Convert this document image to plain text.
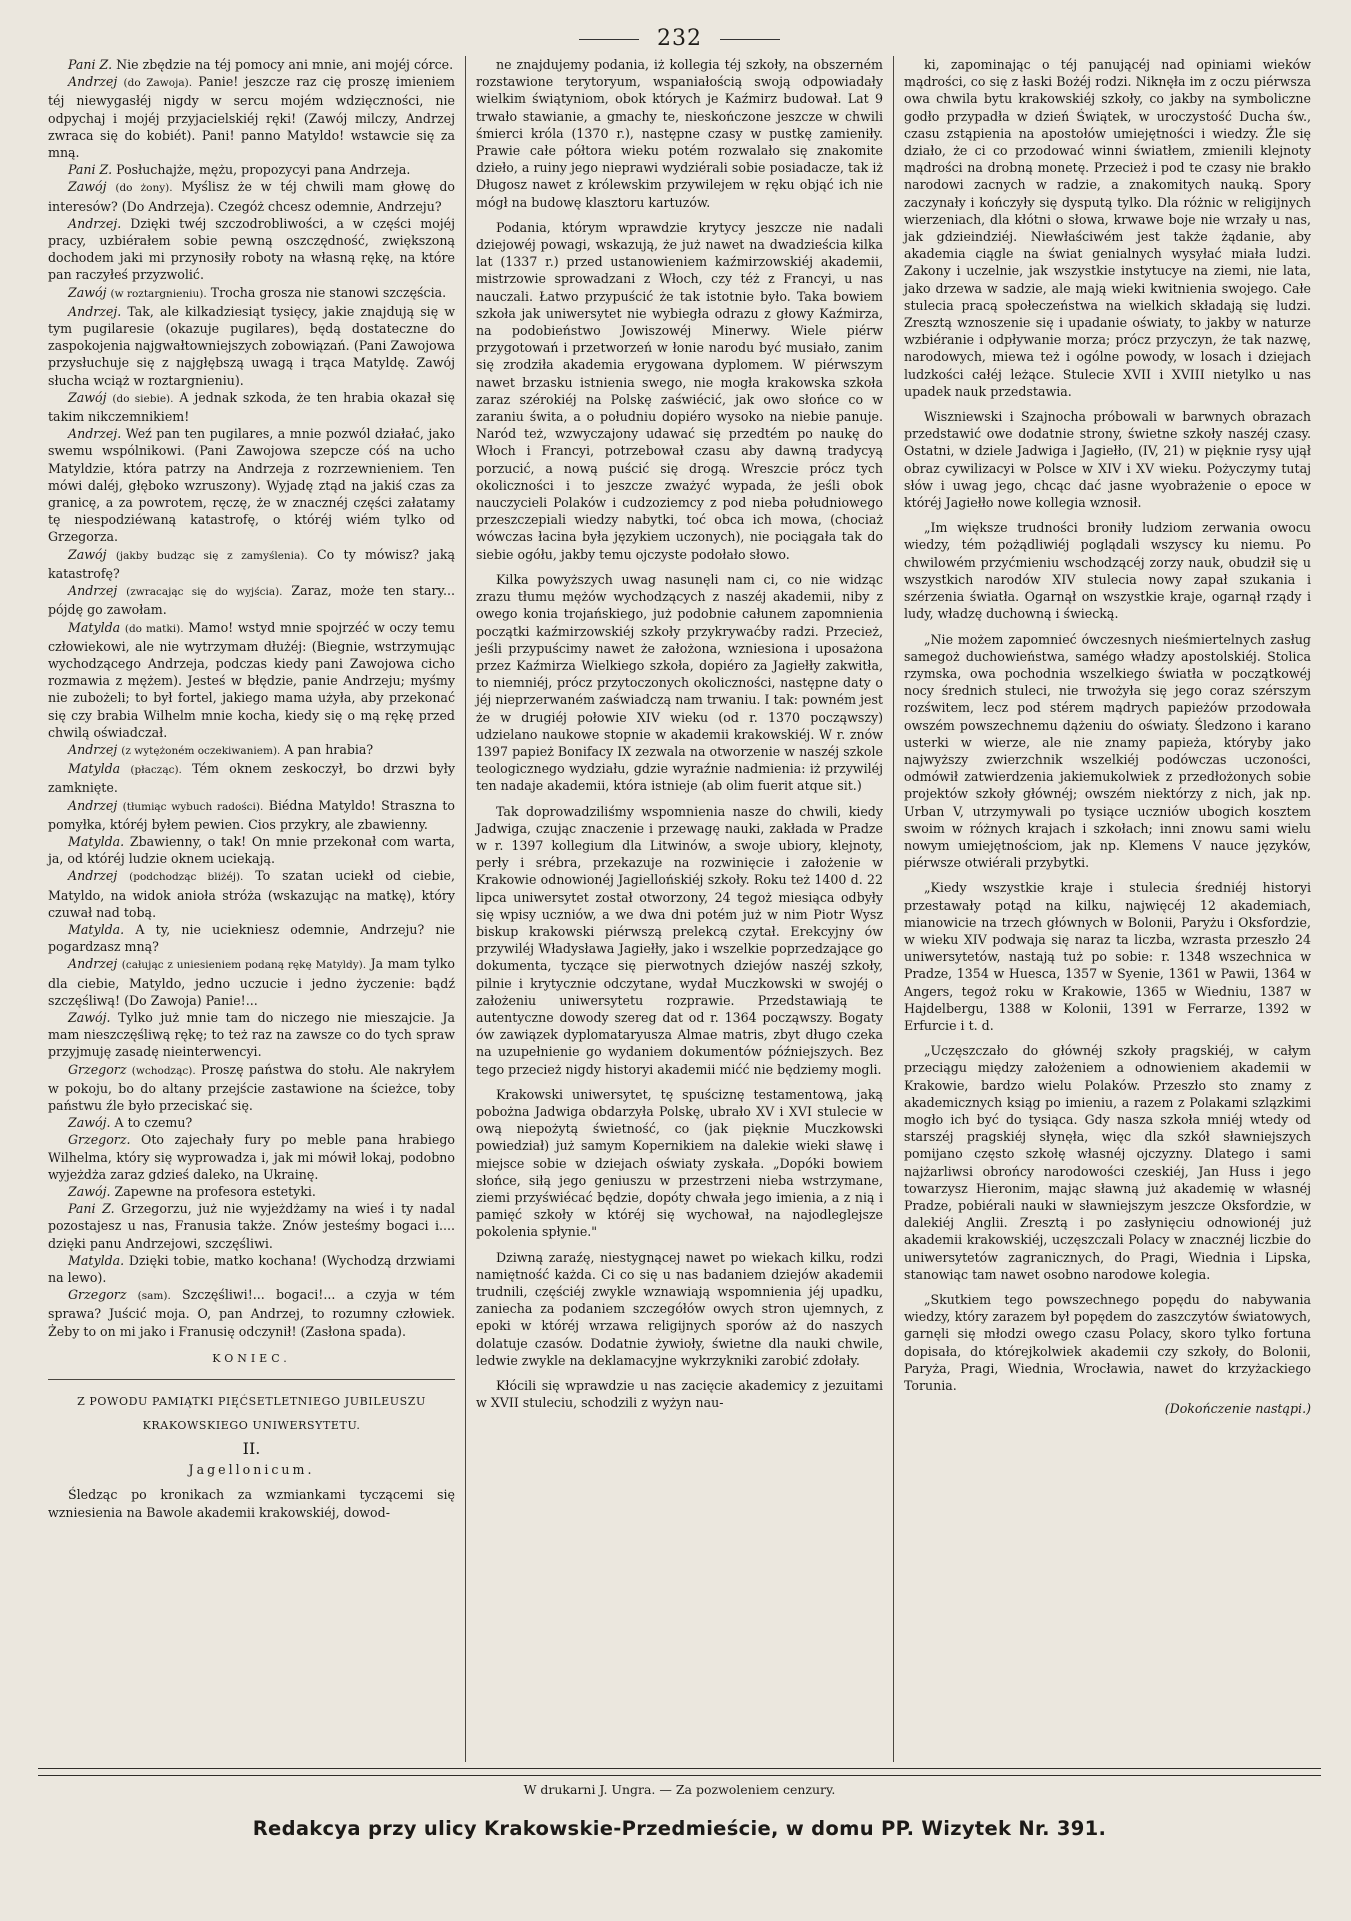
232

Pani Z. Nie zbędzie na téj pomocy ani mnie, ani mojéj córce.

Andrzej (do Zawoja). Panie! jeszcze raz cię proszę imieniem téj niewygasłéj nigdy w sercu mojém wdzięczności, nie odpychaj i mojéj przyjacielskiéj ręki! (Zawój milczy, Andrzej zwraca się do kobiét). Pani! panno Matyldo! wstawcie się za mną.

Pani Z. Posłuchajże, mężu, propozycyi pana Andrzeja.

Zawój (do żony). Myślisz że w téj chwili mam głowę do interesów? (Do Andrzeja). Czegóż chcesz odemnie, Andrzeju?

Andrzej. Dzięki twéj szczodrobliwości, a w części mojéj pracy, uzbiérałem sobie pewną oszczędność, zwiększoną dochodem jaki mi przynosiły roboty na własną rękę, na które pan raczyłeś przyzwolić.

Zawój (w roztargnieniu). Trocha grosza nie stanowi szczęścia.

Andrzej. Tak, ale kilkadziesiąt tysięcy, jakie znajdują się w tym pugilaresie (okazuje pugilares), będą dostateczne do zaspokojenia najgwałtowniejszych zobowiązań. (Pani Zawojowa przysłuchuje się z najgłębszą uwagą i trąca Matyldę. Zawój słucha wciąż w roztargnieniu).

Zawój (do siebie). A jednak szkoda, że ten hrabia okazał się takim nikczemnikiem!

Andrzej. Weź pan ten pugilares, a mnie pozwól działać, jako swemu wspólnikowi. (Pani Zawojowa szepcze cóś na ucho Matyldzie, która patrzy na Andrzeja z rozrzewnieniem. Ten mówi daléj, głęboko wzruszony). Wyjadę ztąd na jakiś czas za granicę, a za powrotem, ręczę, że w znacznéj części załatamy tę niespodziéwaną katastrofę, o któréj wiém tylko od Grzegorza.

Zawój (jakby budząc się z zamyślenia). Co ty mówisz? jaką katastrofę?

Andrzej (zwracając się do wyjścia). Zaraz, może ten stary... pójdę go zawołam.

Matylda (do matki). Mamo! wstyd mnie spojrzéć w oczy temu człowiekowi, ale nie wytrzymam dłużéj: (Biegnie, wstrzymując wychodzącego Andrzeja, podczas kiedy pani Zawojowa cicho rozmawia z mężem). Jesteś w błędzie, panie Andrzeju; myśmy nie zubożeli; to był fortel, jakiego mama użyła, aby przekonać się czy brabia Wilhelm mnie kocha, kiedy się o mą rękę przed chwilą oświadczał.

Andrzej (z wytężoném oczekiwaniem). A pan hrabia?

Matylda (płacząc). Tém oknem zeskoczył, bo drzwi były zamknięte.

Andrzej (tłumiąc wybuch radości). Biédna Matyldo! Straszna to pomyłka, któréj byłem pewien. Cios przykry, ale zbawienny.

Matylda. Zbawienny, o tak! On mnie przekonał com warta, ja, od któréj ludzie oknem uciekają.

Andrzej (podchodząc bliżéj). To szatan uciekł od ciebie, Matyldo, na widok anioła stróża (wskazując na matkę), który czuwał nad tobą.

Matylda. A ty, nie uciekniesz odemnie, Andrzeju? nie pogardzasz mną?

Andrzej (całując z uniesieniem podaną rękę Matyldy). Ja mam tylko dla ciebie, Matyldo, jedno uczucie i jedno życzenie: bądź szczęśliwą! (Do Zawoja) Panie!...

Zawój. Tylko już mnie tam do niczego nie mieszajcie. Ja mam nieszczęśliwą rękę; to też raz na zawsze co do tych spraw przyjmuję zasadę nieinterwencyi.

Grzegorz (wchodząc). Proszę państwa do stołu. Ale nakryłem w pokoju, bo do altany przejście zastawione na ścieżce, toby państwu źle było przeciskać się.

Zawój. A to czemu?

Grzegorz. Oto zajechały fury po meble pana hrabiego Wilhelma, który się wyprowadza i, jak mi mówił lokaj, podobno wyjeżdża zaraz gdzieś daleko, na Ukrainę.

Zawój. Zapewne na profesora estetyki.

Pani Z. Grzegorzu, już nie wyjeżdżamy na wieś i ty nadal pozostajesz u nas, Franusia także. Znów jesteśmy bogaci i.... dzięki panu Andrzejowi, szczęśliwi.

Matylda. Dzięki tobie, matko kochana! (Wychodzą drzwiami na lewo).

Grzegorz (sam). Szczęśliwi!... bogaci!... a czyja w tém sprawa? Juścić moja. O, pan Andrzej, to rozumny człowiek. Żeby to on mi jako i Franusię odczynił! (Zasłona spada).

KONIEC.

Z POWODU PAMIĄTKI PIĘĆSETLETNIEGO JUBILEUSZU

KRAKOWSKIEGO UNIWERSYTETU.

II.

Jagellonicum.

Śledząc po kronikach za wzmiankami tyczącemi się wzniesienia na Bawole akademii krakowskiéj, dowod-

ne znajdujemy podania, iż kollegia téj szkoły, na obszerném rozstawione terytoryum, wspaniałością swoją odpowiadały wielkim świątyniom, obok których je Kaźmirz budował. Lat 9 trwało stawianie, a gmachy te, nieskończone jeszcze w chwili śmierci króla (1370 r.), następne czasy w pustkę zamieniły. Prawie całe półtora wieku potém rozwalało się znakomite dzieło, a ruiny jego nieprawi wydziérali sobie posiadacze, tak iż Długosz nawet z królewskim przywilejem w ręku objąć ich nie mógł na budowę klasztoru kartuzów.

Podania, którym wprawdzie krytycy jeszcze nie nadali dziejowéj powagi, wskazują, że już nawet na dwadzieścia kilka lat (1337 r.) przed ustanowieniem kaźmirzowskiéj akademii, mistrzowie sprowadzani z Włoch, czy téż z Francyi, u nas nauczali. Łatwo przypuścić że tak istotnie było. Taka bowiem szkoła jak uniwersytet nie wybiegła odrazu z głowy Kaźmirza, na podobieństwo Jowiszowéj Minerwy. Wiele piérw przygotowań i przetworzeń w łonie narodu być musiało, zanim się zrodziła akademia erygowana dyplomem. W piérwszym nawet brzasku istnienia swego, nie mogła krakowska szkoła zaraz szérokiéj na Polskę zaświécić, jak owo słońce co w zaraniu świta, a o południu dopiéro wysoko na niebie panuje. Naród też, wzwyczajony udawać się przedtém po naukę do Włoch i Francyi, potrzebował czasu aby dawną tradycyą porzucić, a nową puścić się drogą. Wreszcie prócz tych okoliczności i to jeszcze zważyć wypada, że jeśli obok nauczycieli Polaków i cudzoziemcy z pod nieba południowego przeszczepiali wiedzy nabytki, toć obca ich mowa, (chociaż wówczas łacina była językiem uczonych), nie pociągała tak do siebie ogółu, jakby temu ojczyste podołało słowo.

Kilka powyższych uwag nasunęli nam ci, co nie widząc zrazu tłumu mężów wychodzących z naszéj akademii, niby z owego konia trojańskiego, już podobnie całunem zapomnienia początki kaźmirzowskiéj szkoły przykrywaćby radzi. Przecież, jeśli przypuścimy nawet że założona, wzniesiona i uposażona przez Kaźmirza Wielkiego szkoła, dopiéro za Jagiełły zakwitła, to niemniéj, prócz przytoczonych okoliczności, następne daty o jéj nieprzerwaném zaświadczą nam trwaniu. I tak: powném jest że w drugiéj połowie XIV wieku (od r. 1370 począwszy) udzielano naukowe stopnie w akademii krakowskiéj. W r. znów 1397 papież Bonifacy IX zezwala na otworzenie w naszéj szkole teologicznego wydziału, gdzie wyraźnie nadmienia: iż przywiléj ten nadaje akademii, która istnieje (ab olim fuerit atque sit.)

Tak doprowadziliśmy wspomnienia nasze do chwili, kiedy Jadwiga, czując znaczenie i przewagę nauki, zakłada w Pradze w r. 1397 kollegium dla Litwinów, a swoje ubiory, klejnoty, perły i srébra, przekazuje na rozwinięcie i założenie w Krakowie odnowionéj Jagiellońskiéj szkoły. Roku też 1400 d. 22 lipca uniwersytet został otworzony, 24 tegoż miesiąca odbyły się wpisy uczniów, a we dwa dni potém już w nim Piotr Wysz biskup krakowski piérwszą prelekcą czytał. Erekcyjny ów przywiléj Władysława Jagiełły, jako i wszelkie poprzedzające go dokumenta, tyczące się pierwotnych dziejów naszéj szkoły, pilnie i krytycznie odczytane, wydał Muczkowski w swojéj o założeniu uniwersytetu rozprawie. Przedstawiają te autentyczne dowody szereg dat od r. 1364 począwszy. Bogaty ów zawiązek dyplomataryusza Almae matris, zbyt długo czeka na uzupełnienie go wydaniem dokumentów późniejszych. Bez tego przecież nigdy historyi akademii mićć nie będziemy mogli.

Krakowski uniwersytet, tę spuściznę testamentową, jaką pobożna Jadwiga obdarzyła Polskę, ubrało XV i XVI stulecie w ową niepożytą świetność, co (jak pięknie Muczkowski powiedział) już samym Kopernikiem na dalekie wieki sławę i miejsce sobie w dziejach oświaty zyskała. „Dopóki bowiem słońce, siłą jego geniuszu w przestrzeni nieba wstrzymane, ziemi przyświécać będzie, dopóty chwała jego imienia, a z nią i pamięć szkoły w któréj się wychował, na najodleglejsze pokolenia spłynie."

Dziwną zaraźę, niestygnącej nawet po wiekach kilku, rodzi namiętność każda. Ci co się u nas badaniem dziejów akademii trudnili, częściéj zwykle wznawiają wspomnienia jéj upadku, zaniecha za podaniem szczegółów owych stron ujemnych, z epoki w któréj wrzawa religijnych sporów aż do naszych dolatuje czasów. Dodatnie żywioły, świetne dla nauki chwile, ledwie zwykle na deklamacyjne wykrzykniki zarobić zdołały.

Kłócili się wprawdzie u nas zacięcie akademicy z jezuitami w XVII stuleciu, schodzili z wyżyn nau-

ki, zapominając o téj panującéj nad opiniami wieków mądrości, co się z łaski Bożéj rodzi. Niknęła im z oczu piérwsza owa chwila bytu krakowskiéj szkoły, co jakby na symboliczne godło przypadła w dzień Świątek, w uroczystość Ducha św., czasu zstąpienia na apostołów umiejętności i wiedzy. Źle się działo, że ci co przodować winni światłem, zmienili klejnoty mądrości na drobną monetę. Przecież i pod te czasy nie brakło narodowi zacnych w radzie, a znakomitych nauką. Spory zaczynały i kończyły się dysputą tylko. Dla różnic w religijnych wierzeniach, dla kłótni o słowa, krwawe boje nie wrzały u nas, jak gdzieindziéj. Niewłaściwém jest także żądanie, aby akademia ciągle na świat genialnych wysyłać miała ludzi. Zakony i uczelnie, jak wszystkie instytucye na ziemi, nie lata, jako drzewa w sadzie, ale mają wieki kwitnienia swojego. Całe stulecia pracą społeczeństwa na wielkich składają się ludzi. Zresztą wznoszenie się i upadanie oświaty, to jakby w naturze wzbiéranie i odpływanie morza; prócz przyczyn, że tak nazwę, narodowych, miewa też i ogólne powody, w losach i dziejach ludzkości całéj leżące. Stulecie XVII i XVIII nietylko u nas upadek nauk przedstawia.

Wiszniewski i Szajnocha próbowali w barwnych obrazach przedstawić owe dodatnie strony, świetne szkoły naszéj czasy. Ostatni, w dziele Jadwiga i Jagiełło, (IV, 21) w pięknie rysy ujął obraz cywilizacyi w Polsce w XIV i XV wieku. Pożyczymy tutaj słów i uwag jego, chcąc dać jasne wyobrażenie o epoce w któréj Jagiełło nowe kollegia wznosił.

„Im większe trudności broniły ludziom zerwania owocu wiedzy, tém pożądliwiéj poglądali wszyscy ku niemu. Po chwilowém przyćmieniu wschodzącéj zorzy nauk, obudził się u wszystkich narodów XIV stulecia nowy zapał szukania i szérzenia światła. Ogarnął on wszystkie kraje, ogarnął rządy i ludy, władzę duchowną i świecką.

„Nie możem zapomnieć ówczesnych nieśmiertelnych zasług samegoż duchowieństwa, samégo władzy apostolskiéj. Stolica rzymska, owa pochodnia wszelkiego światła w początkowéj nocy średnich stuleci, nie trwożyła się jego coraz szérszym rozświtem, lecz pod stérem mądrych papieżów przodowała owszém powszechnemu dążeniu do oświaty. Śledzono i karano usterki w wierze, ale nie znamy papieża, któryby jako najwyższy zwierzchnik wszelkiéj podówczas uczoności, odmówił zatwierdzenia jakiemukolwiek z przedłożonych sobie projektów szkoły głównéj; owszém niektórzy z nich, jak np. Urban V, utrzymywali po tysiące uczniów ubogich kosztem swoim w różnych krajach i szkołach; inni znowu sami wielu nowym umiejętnościom, jak np. Klemens V nauce języków, piérwsze otwiérali przybytki.

„Kiedy wszystkie kraje i stulecia średniéj historyi przestawały potąd na kilku, najwięcéj 12 akademiach, mianowicie na trzech głównych w Bolonii, Paryżu i Oksfordzie, w wieku XIV podwaja się naraz ta liczba, wzrasta przeszło 24 uniwersytetów, nastają tuż po sobie: r. 1348 wszechnica w Pradze, 1354 w Huesca, 1357 w Syenie, 1361 w Pawii, 1364 w Angers, tegoż roku w Krakowie, 1365 w Wiedniu, 1387 w Hajdelbergu, 1388 w Kolonii, 1391 w Ferrarze, 1392 w Erfurcie i t. d.

„Uczęszczało do głównéj szkoły pragskiéj, w całym przeciągu między założeniem a odnowieniem akademii w Krakowie, bardzo wielu Polaków. Przeszło sto znamy z akademicznych ksiąg po imieniu, a razem z Polakami szlązkimi mogło ich być do tysiąca. Gdy nasza szkoła mniéj wtedy od starszéj pragskiéj słynęła, więc dla szkół sławniejszych pomijano często szkołę własnéj ojczyzny. Dlatego i sami najżarliwsi obrońcy narodowości czeskiéj, Jan Huss i jego towarzysz Hieronim, mając sławną już akademię w własnéj Pradze, pobiérali nauki w sławniejszym jeszcze Oksfordzie, w dalekiéj Anglii. Zresztą i po zasłynięciu odnowionéj już akademii krakowskiéj, uczęszczali Polacy w znacznéj liczbie do uniwersytetów zagranicznych, do Pragi, Wiednia i Lipska, stanowiąc tam nawet osobno narodowe kolegia.

„Skutkiem tego powszechnego popędu do nabywania wiedzy, który zarazem był popędem do zaszczytów światowych, garnęli się młodzi owego czasu Polacy, skoro tylko fortuna dopisała, do którejkolwiek akademii czy szkoły, do Bolonii, Paryża, Pragi, Wiednia, Wrocławia, nawet do krzyżackiego Torunia.

(Dokończenie nastąpi.)

W drukarni J. Ungra. — Za pozwoleniem cenzury.
Redakcya przy ulicy Krakowskie-Przedmieście, w domu PP. Wizytek Nr. 391.
